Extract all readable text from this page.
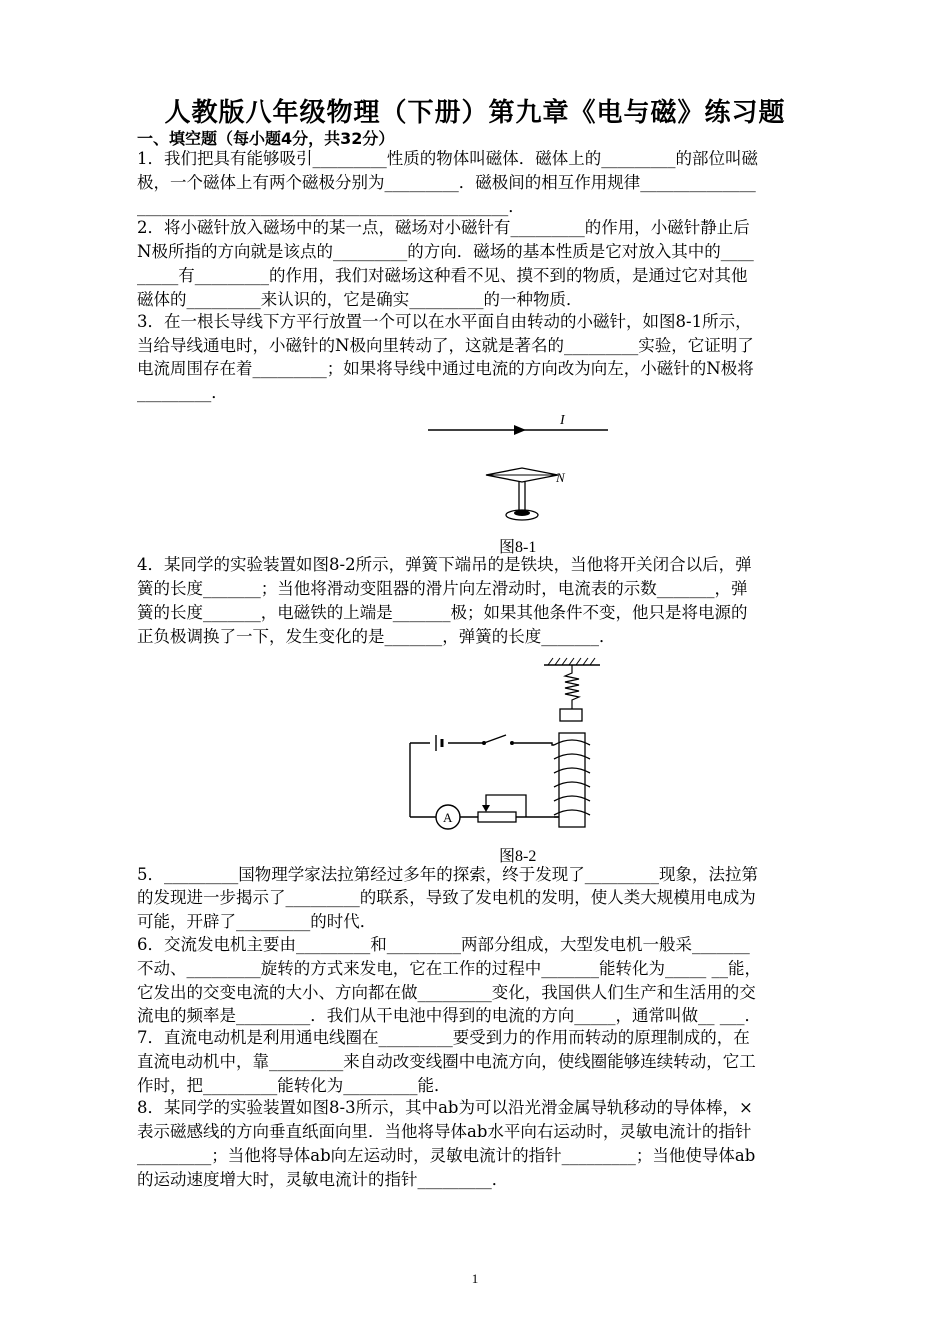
人教版八年级物理（下册）第九章《电与磁》练习题
一、填空题（每小题4分，共32分）
1．我们把具有能够吸引_________性质的物体叫磁体．磁体上的_________的部位叫磁
极，一个磁体上有两个磁极分别为_________．磁极间的相互作用规律______________
_____________________________________________．
2．将小磁针放入磁场中的某一点，磁场对小磁针有_________的作用，小磁针静止后
N极所指的方向就是该点的_________的方向．磁场的基本性质是它对放入其中的____
_____有_________的作用，我们对磁场这种看不见、摸不到的物质，是通过它对其他
磁体的_________来认识的，它是确实_________的一种物质．
3．在一根长导线下方平行放置一个可以在水平面自由转动的小磁针，如图8-1所示，
当给导线通电时，小磁针的N极向里转动了，这就是著名的_________实验，它证明了
电流周围存在着_________；如果将导线中通过电流的方向改为向左，小磁针的N极将
_________．
I
N
图8-1
4．某同学的实验装置如图8-2所示，弹簧下端吊的是铁块，当他将开关闭合以后，弹
簧的长度_______；当他将滑动变阻器的滑片向左滑动时，电流表的示数_______，弹
簧的长度_______，电磁铁的上端是_______极；如果其他条件不变，他只是将电源的
正负极调换了一下，发生变化的是_______，弹簧的长度_______．
A
图8-2
5．_________国物理学家法拉第经过多年的探索，终于发现了_________现象，法拉第
的发现进一步揭示了_________的联系，导致了发电机的发明，使人类大规模用电成为
可能，开辟了_________的时代．
6．交流发电机主要由_________和_________两部分组成，大型发电机一般采_______
不动、_________旋转的方式来发电，它在工作的过程中_______能转化为_____ __能，
它发出的交变电流的大小、方向都在做_________变化，我国供人们生产和生活用的交
流电的频率是_________．我们从干电池中得到的电流的方向_____，通常叫做__ ___．
7．直流电动机是利用通电线圈在_________要受到力的作用而转动的原理制成的，在
直流电动机中，靠_________来自动改变线圈中电流方向，使线圈能够连续转动，它工
作时，把_________能转化为_________能．
8．某同学的实验装置如图8-3所示，其中ab为可以沿光滑金属导轨移动的导体棒，×
表示磁感线的方向垂直纸面向里．当他将导体ab水平向右运动时，灵敏电流计的指针
_________；当他将导体ab向左运动时，灵敏电流计的指针_________；当他使导体ab
的运动速度增大时，灵敏电流计的指针_________．
1
